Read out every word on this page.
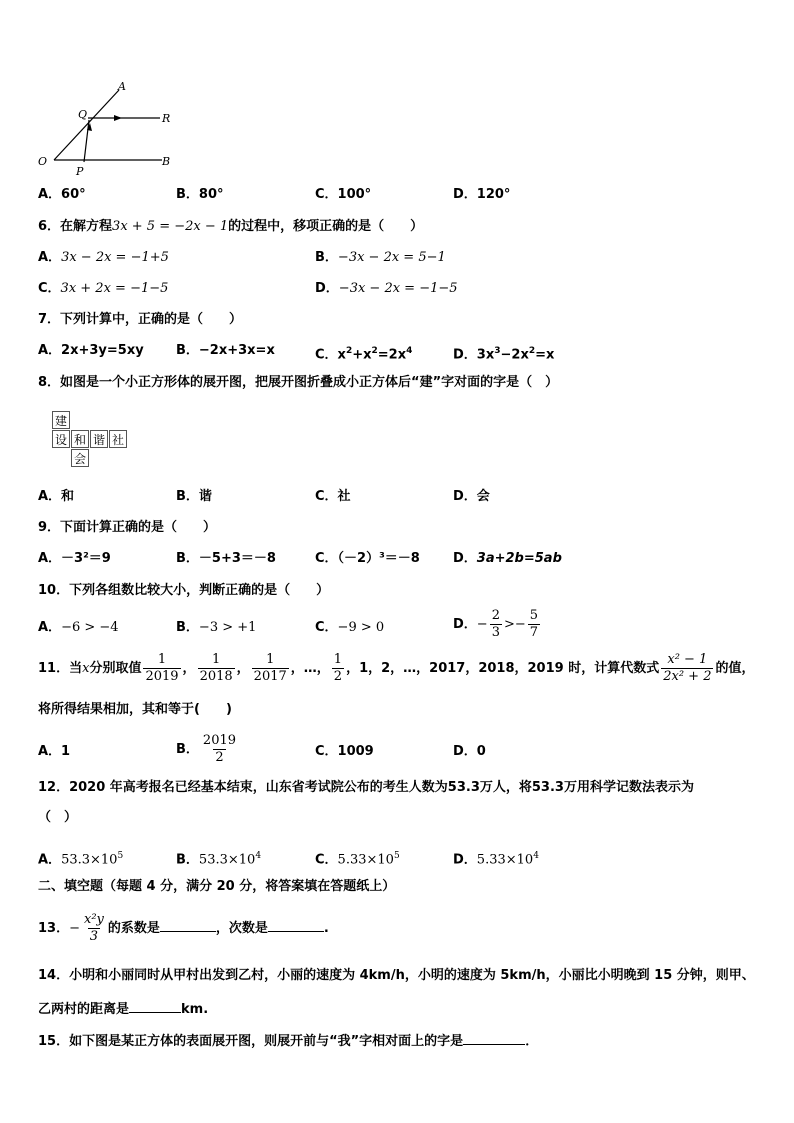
A
Q	R
O
P
B
A．60°	B．80°	C．100°	D．120°
6．在解方程3x + 5 = −2x − 1的过程中，移项正确的是（　　）
A．3x − 2x = −1+5	B．−3x − 2x = 5−1
C．3x + 2x = −1−5	D．−3x − 2x = −1−5
7．下列计算中，正确的是（　　）
A．2x+3y=5xy B．−2x+3x=x	C．$x^2+x^2=2x^4$	D．$3x^3-2x^2=x$
8．如图是一个小正方形体的展开图，把展开图折叠成小正方体后“建”字对面的字是（　）
建
设 和 谐 社
会
A．和	B．谐	C．社	D．会
9．下面计算正确的是（　　）
A．－3²＝9	B．－5+3＝－8	C．（－2）³＝－8	D．3a+2b=5ab
10．下列各组数比较大小，判断正确的是（　　）
A．−6 > −4	B．−3 > +1	C．−9 > 0	D．− $\frac{2}{3} >- \frac{5}{7}$
11．当x分别取值 $\frac{1}{2019}$ ， $\frac{1}{2018}$ ， $\frac{1}{2017}$ ，…， $\frac{1}{2}$ ，1，2，…，2017，2018，2019 时，计算代数式 $\frac{\text{x² − 1}}{\text{2x² + 2}}$ 的值，
将所得结果相加，其和等于(　　)
A．1	B． $\frac{2019}{2}$	C．1009	D．0
12．2020 年高考报名已经基本结束，山东省考试院公布的考生人数为53.3万人，将53.3万用科学记数法表示为
（　）
A．$53.3\times 10^5$	B．$53.3\times 10^4$	C．$5.33\times 10^5$	D．$5.33\times 10^4$
二、填空题（每题 4 分，满分 20 分，将答案填在答题纸上）
13．− $\frac{\text{x²y}}{3}$ 的系数是	，次数是	.
14．小明和小丽同时从甲村出发到乙村，小丽的速度为 4km/h，小明的速度为 5km/h，小丽比小明晚到 15 分钟，则甲、
乙两村的距离是	km.
15．如下图是某正方体的表面展开图，则展开前与“我”字相对面上的字是	．
